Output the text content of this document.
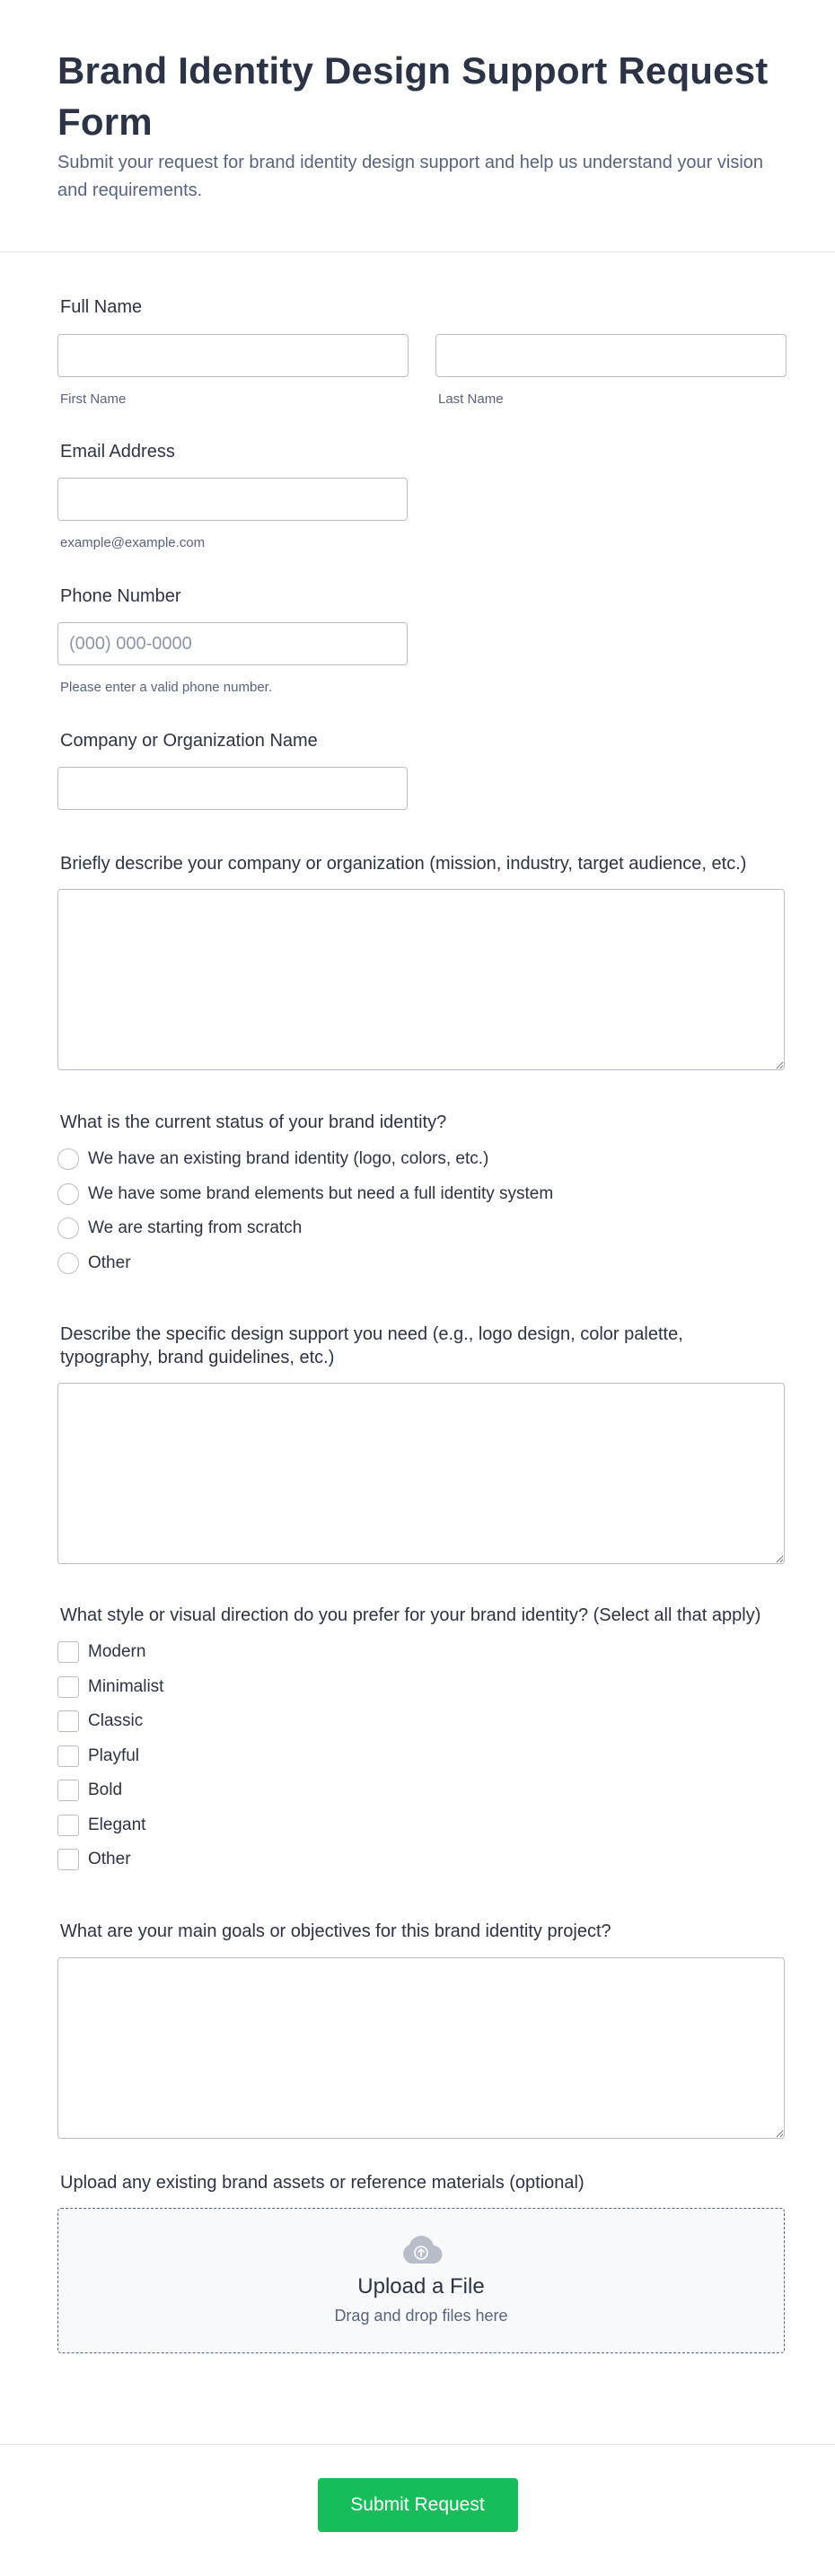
Brand Identity Design Support Request Form
Submit your request for brand identity design support and help us understand your vision and requirements.
Full Name
First Name	Last Name
Email Address
example@example.com
Phone Number
(000) 000-0000
Please enter a valid phone number.
Company or Organization Name
Briefly describe your company or organization (mission, industry, target audience, etc.)
What is the current status of your brand identity?
We have an existing brand identity (logo, colors, etc.)
We have some brand elements but need a full identity system
We are starting from scratch
Other
Describe the specific design support you need (e.g., logo design, color palette, typography, brand guidelines, etc.)
What style or visual direction do you prefer for your brand identity? (Select all that apply)
Modern
Minimalist
Classic
Playful
Bold
Elegant
Other
What are your main goals or objectives for this brand identity project?
Upload any existing brand assets or reference materials (optional)
Upload a File
Drag and drop files here
Submit Request
